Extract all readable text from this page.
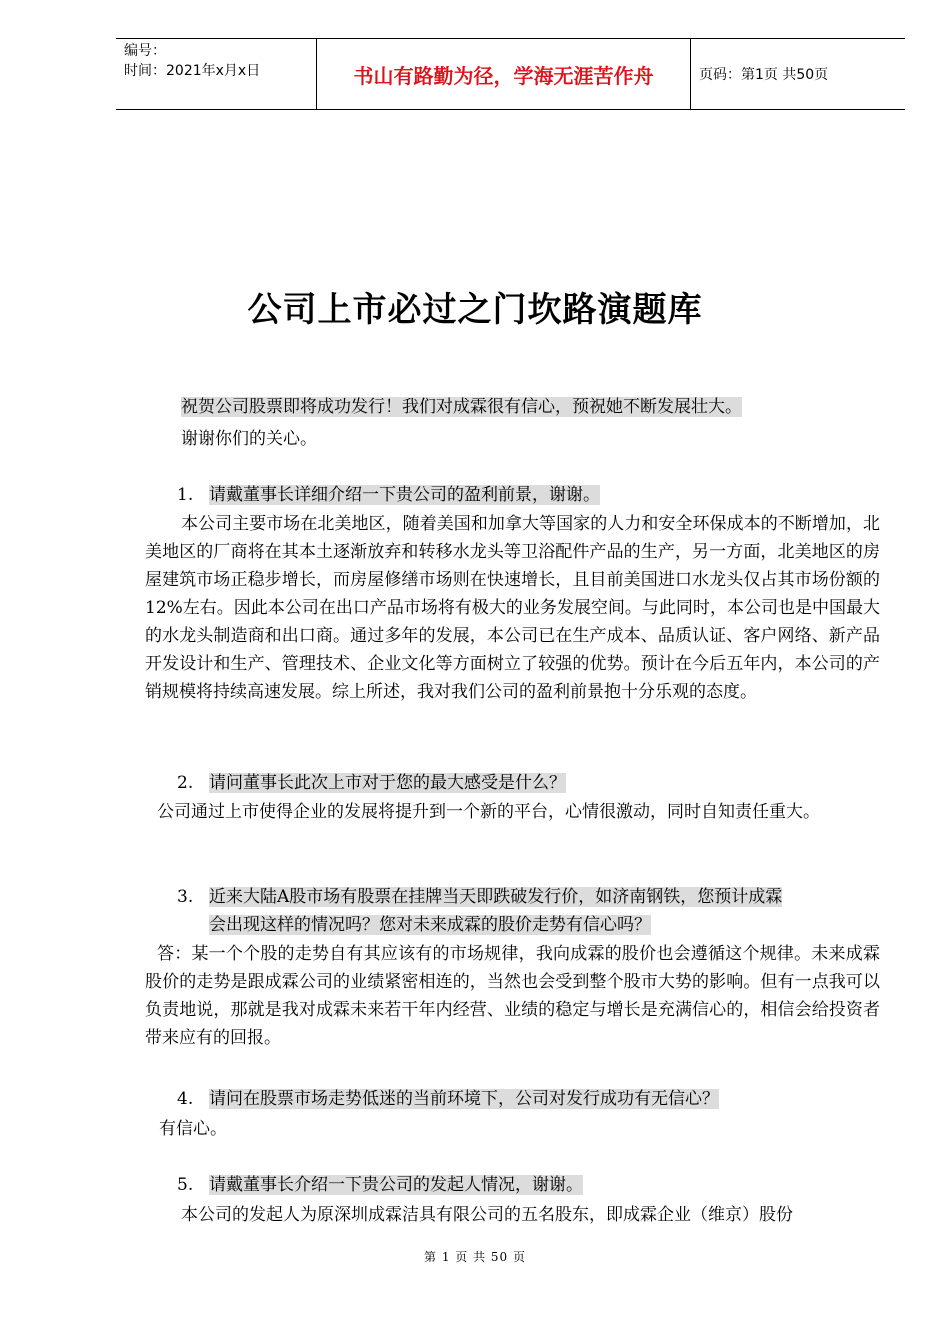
编号：
时间：2021年x月x日	书山有路勤为径，学海无涯苦作舟	页码：第1页 共50页
公司上市必过之门坎路演题库
祝贺公司股票即将成功发行！我们对成霖很有信心，预祝她不断发展壮大。
谢谢你们的关心。
1. 请戴董事长详细介绍一下贵公司的盈利前景，谢谢。
本公司主要市场在北美地区，随着美国和加拿大等国家的人力和安全环保成本的不断增加，北美地区的厂商将在其本土逐渐放弃和转移水龙头等卫浴配件产品的生产，另一方面，北美地区的房屋建筑市场正稳步增长，而房屋修缮市场则在快速增长，且目前美国进口水龙头仅占其市场份额的12%左右。因此本公司在出口产品市场将有极大的业务发展空间。与此同时，本公司也是中国最大的水龙头制造商和出口商。通过多年的发展，本公司已在生产成本、品质认证、客户网络、新产品开发设计和生产、管理技术、企业文化等方面树立了较强的优势。预计在今后五年内，本公司的产销规模将持续高速发展。综上所述，我对我们公司的盈利前景抱十分乐观的态度。
2. 请问董事长此次上市对于您的最大感受是什么？
公司通过上市使得企业的发展将提升到一个新的平台，心情很激动，同时自知责任重大。
3. 近来大陆A股市场有股票在挂牌当天即跌破发行价，如济南钢铁，您预计成霖
会出现这样的情况吗？您对未来成霖的股价走势有信心吗？
答：某一个个股的走势自有其应该有的市场规律，我向成霖的股价也会遵循这个规律。未来成霖股价的走势是跟成霖公司的业绩紧密相连的，当然也会受到整个股市大势的影响。但有一点我可以负责地说，那就是我对成霖未来若干年内经营、业绩的稳定与增长是充满信心的，相信会给投资者带来应有的回报。
4. 请问在股票市场走势低迷的当前环境下，公司对发行成功有无信心？
有信心。
5. 请戴董事长介绍一下贵公司的发起人情况，谢谢。
本公司的发起人为原深圳成霖洁具有限公司的五名股东，即成霖企业（维京）股份
第 1 页 共 50 页
